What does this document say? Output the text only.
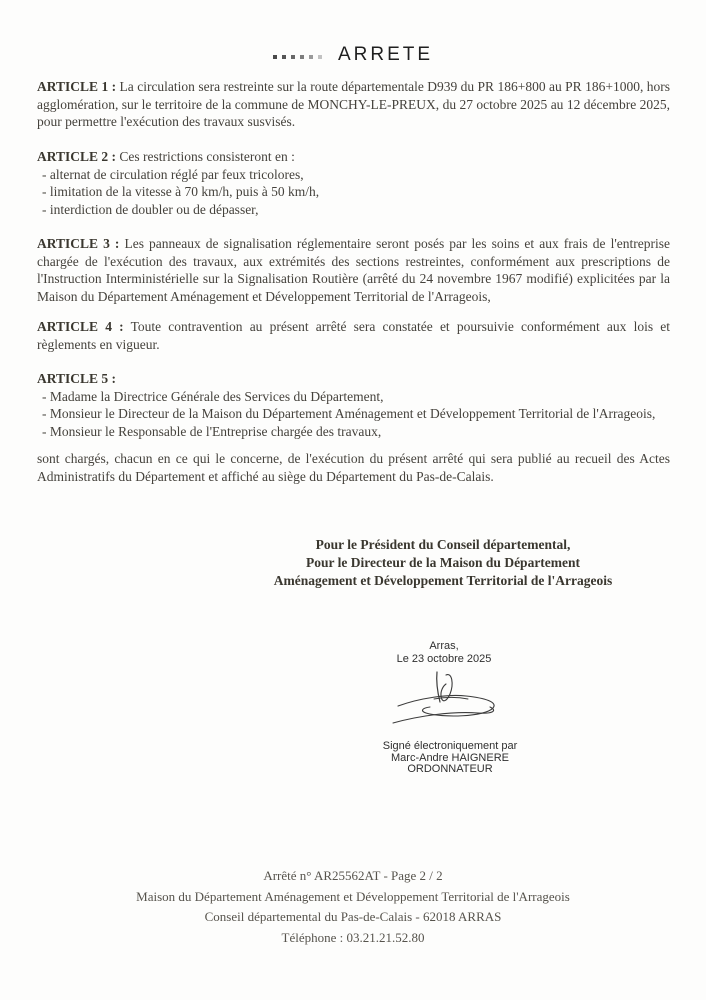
ARRETE

ARTICLE 1 : La circulation sera restreinte sur la route départementale D939 du PR 186+800 au PR 186+1000, hors agglomération, sur le territoire de la commune de MONCHY-LE-PREUX, du 27 octobre 2025 au 12 décembre 2025, pour permettre l'exécution des travaux susvisés.

ARTICLE 2 : Ces restrictions consisteront en :
- alternat de circulation réglé par feux tricolores,
- limitation de la vitesse à 70 km/h, puis à 50 km/h,
- interdiction de doubler ou de dépasser,

ARTICLE 3 : Les panneaux de signalisation réglementaire seront posés par les soins et aux frais de l'entreprise chargée de l'exécution des travaux, aux extrémités des sections restreintes, conformément aux prescriptions de l'Instruction Interministérielle sur la Signalisation Routière (arrêté du 24 novembre 1967 modifié) explicitées par la Maison du Département Aménagement et Développement Territorial de l'Arrageois,

ARTICLE 4 : Toute contravention au présent arrêté sera constatée et poursuivie conformément aux lois et règlements en vigueur.

ARTICLE 5 :
- Madame la Directrice Générale des Services du Département,
- Monsieur le Directeur de la Maison du Département Aménagement et Développement Territorial de l'Arrageois,
- Monsieur le Responsable de l'Entreprise chargée des travaux,

sont chargés, chacun en ce qui le concerne, de l'exécution du présent arrêté qui sera publié au recueil des Actes Administratifs du Département et affiché au siège du Département du Pas-de-Calais.

Pour le Président du Conseil départemental,
Pour le Directeur de la Maison du Département
Aménagement et Développement Territorial de l'Arrageois
Arras,
Le 23 octobre 2025
Signé électroniquement par
Marc-Andre HAIGNERE
ORDONNATEUR
Arrêté n° AR25562AT - Page 2 / 2
Maison du Département Aménagement et Développement Territorial de l'Arrageois
Conseil départemental du Pas-de-Calais - 62018 ARRAS
Téléphone : 03.21.21.52.80
